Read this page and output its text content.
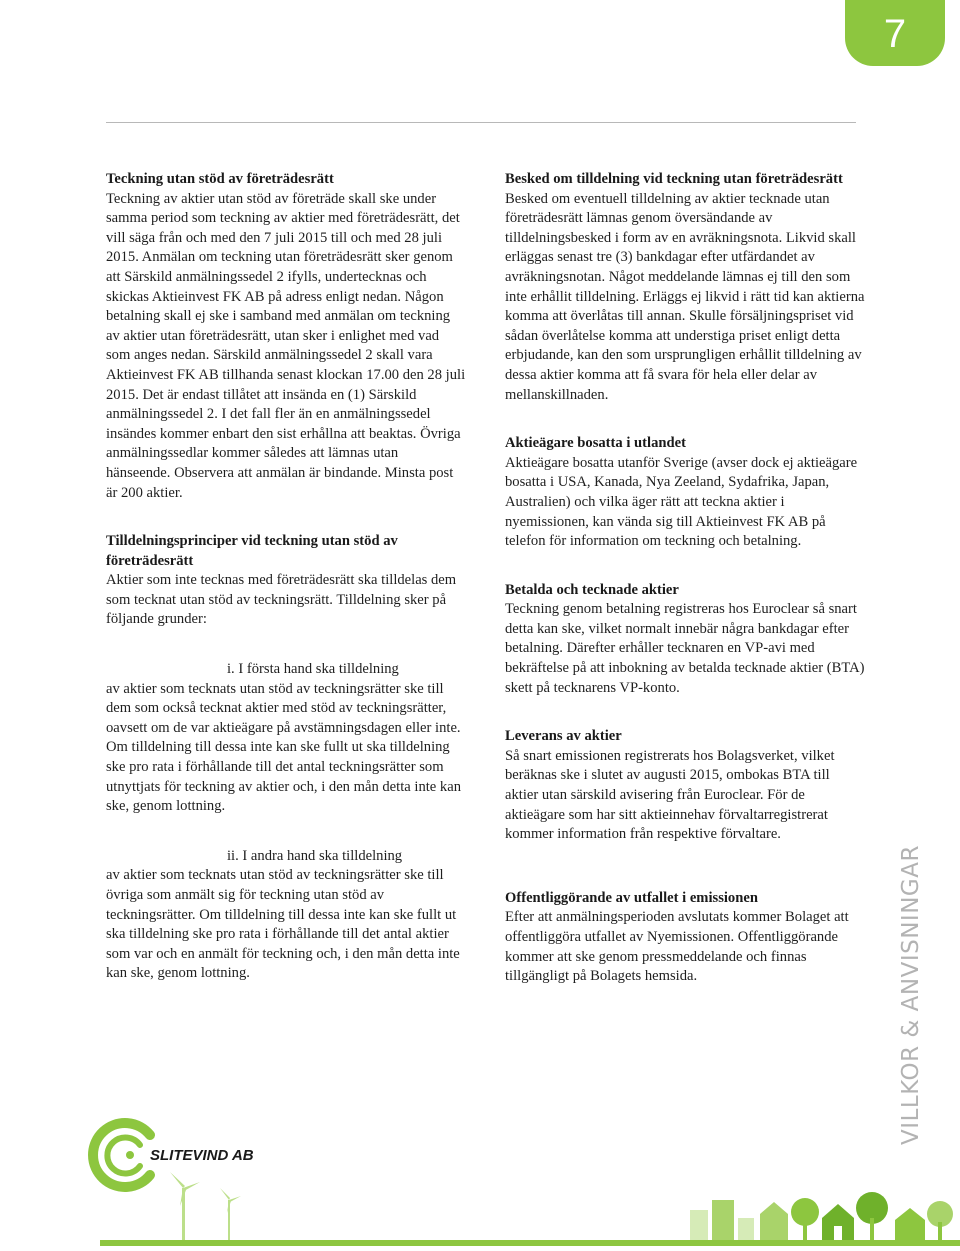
7
Teckning utan stöd av företrädesrätt

Teckning av aktier utan stöd av företräde skall ske under samma period som teckning av aktier med företrädesrätt, det vill säga från och med den 7 juli 2015 till och med 28 juli 2015. Anmälan om teckning utan företrädesrätt sker genom att Särskild anmälningssedel 2 ifylls, undertecknas och skickas Aktieinvest FK AB på adress enligt nedan. Någon betalning skall ej ske i samband med anmälan om teckning av aktier utan företrädesrätt, utan sker i enlighet med vad som anges nedan. Särskild anmälningssedel 2 skall vara Aktieinvest FK AB tillhanda senast klockan 17.00 den 28 juli 2015. Det är endast tillåtet att insända en (1) Särskild anmälningssedel 2. I det fall fler än en anmälningssedel insändes kommer enbart den sist erhållna att beaktas. Övriga anmälningssedlar kommer således att lämnas utan hänseende. Observera att anmälan är bindande. Minsta post är 200 aktier.

Tilldelningsprinciper vid teckning utan stöd av företrädesrätt

Aktier som inte tecknas med företrädesrätt ska tilldelas dem som tecknat utan stöd av teckningsrätt. Tilldelning sker på följande grunder:

i. I första hand ska tilldelning

av aktier som tecknats utan stöd av teckningsrätter ske till dem som också tecknat aktier med stöd av teckningsrätter, oavsett om de var aktieägare på avstämningsdagen eller inte. Om tilldelning till dessa inte kan ske fullt ut ska tilldelning ske pro rata i förhållande till det antal teckningsrätter som utnyttjats för teckning av aktier och, i den mån detta inte kan ske, genom lottning.

ii. I andra hand ska tilldelning

av aktier som tecknats utan stöd av teckningsrätter ske till övriga som anmält sig för teckning utan stöd av teckningsrätter. Om tilldelning till dessa inte kan ske fullt ut ska tilldelning ske pro rata i förhållande till det antal aktier som var och en anmält för teckning och, i den mån detta inte kan ske, genom lottning.

Besked om tilldelning vid teckning utan företrädesrätt

Besked om eventuell tilldelning av aktier tecknade utan företrädesrätt lämnas genom översändande av tilldelningsbesked i form av en avräkningsnota. Likvid skall erläggas senast tre (3) bankdagar efter utfärdandet av avräkningsnotan. Något meddelande lämnas ej till den som inte erhållit tilldelning. Erläggs ej likvid i rätt tid kan aktierna komma att överlåtas till annan. Skulle försäljningspriset vid sådan överlåtelse komma att understiga priset enligt detta erbjudande, kan den som ursprungligen erhållit tilldelning av dessa aktier komma att få svara för hela eller delar av mellanskillnaden.

Aktieägare bosatta i utlandet

Aktieägare bosatta utanför Sverige (avser dock ej aktieägare bosatta i USA, Kanada, Nya Zeeland, Sydafrika, Japan, Australien) och vilka äger rätt att teckna aktier i nyemissionen, kan vända sig till Aktieinvest FK AB på telefon för information om teckning och betalning.

Betalda och tecknade aktier

Teckning genom betalning registreras hos Euroclear så snart detta kan ske, vilket normalt innebär några bankdagar efter betalning. Därefter erhåller tecknaren en VP-avi med bekräftelse på att inbokning av betalda tecknade aktier (BTA) skett på tecknarens VP-konto.

Leverans av aktier

Så snart emissionen registrerats hos Bolagsverket, vilket beräknas ske i slutet av augusti 2015, ombokas BTA till aktier utan särskild avisering från Euroclear. För de aktieägare som har sitt aktieinnehav förvaltarregistrerat kommer information från respektive förvaltare.

Offentliggörande av utfallet i emissionen

Efter att anmälningsperioden avslutats kommer Bolaget att offentliggöra utfallet av Nyemissionen. Offentliggörande kommer att ske genom pressmeddelande och finnas tillgängligt på Bolagets hemsida.	VILLKOR & ANVISNINGAR
SLITEVIND AB
